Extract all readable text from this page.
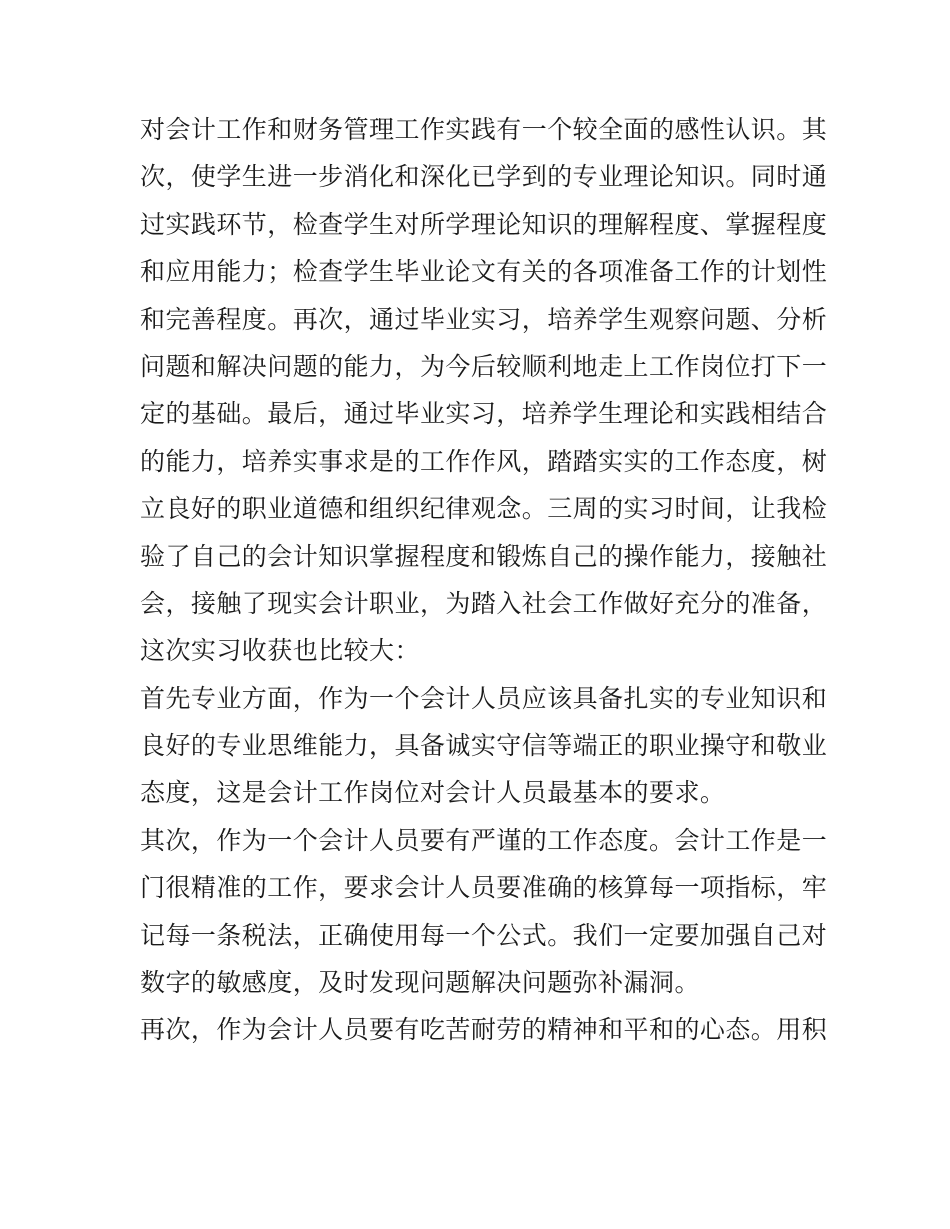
对会计工作和财务管理工作实践有一个较全面的感性认识。其
次，使学生进一步消化和深化已学到的专业理论知识。同时通
过实践环节，检查学生对所学理论知识的理解程度、掌握程度
和应用能力；检查学生毕业论文有关的各项准备工作的计划性
和完善程度。再次，通过毕业实习，培养学生观察问题、分析
问题和解决问题的能力，为今后较顺利地走上工作岗位打下一
定的基础。最后，通过毕业实习，培养学生理论和实践相结合
的能力，培养实事求是的工作作风，踏踏实实的工作态度，树
立良好的职业道德和组织纪律观念。三周的实习时间，让我检
验了自己的会计知识掌握程度和锻炼自己的操作能力，接触社
会，接触了现实会计职业，为踏入社会工作做好充分的准备，
这次实习收获也比较大：
首先专业方面，作为一个会计人员应该具备扎实的专业知识和
良好的专业思维能力，具备诚实守信等端正的职业操守和敬业
态度，这是会计工作岗位对会计人员最基本的要求。
其次，作为一个会计人员要有严谨的工作态度。会计工作是一
门很精准的工作，要求会计人员要准确的核算每一项指标，牢
记每一条税法，正确使用每一个公式。我们一定要加强自己对
数字的敏感度，及时发现问题解决问题弥补漏洞。
再次，作为会计人员要有吃苦耐劳的精神和平和的心态。用积
